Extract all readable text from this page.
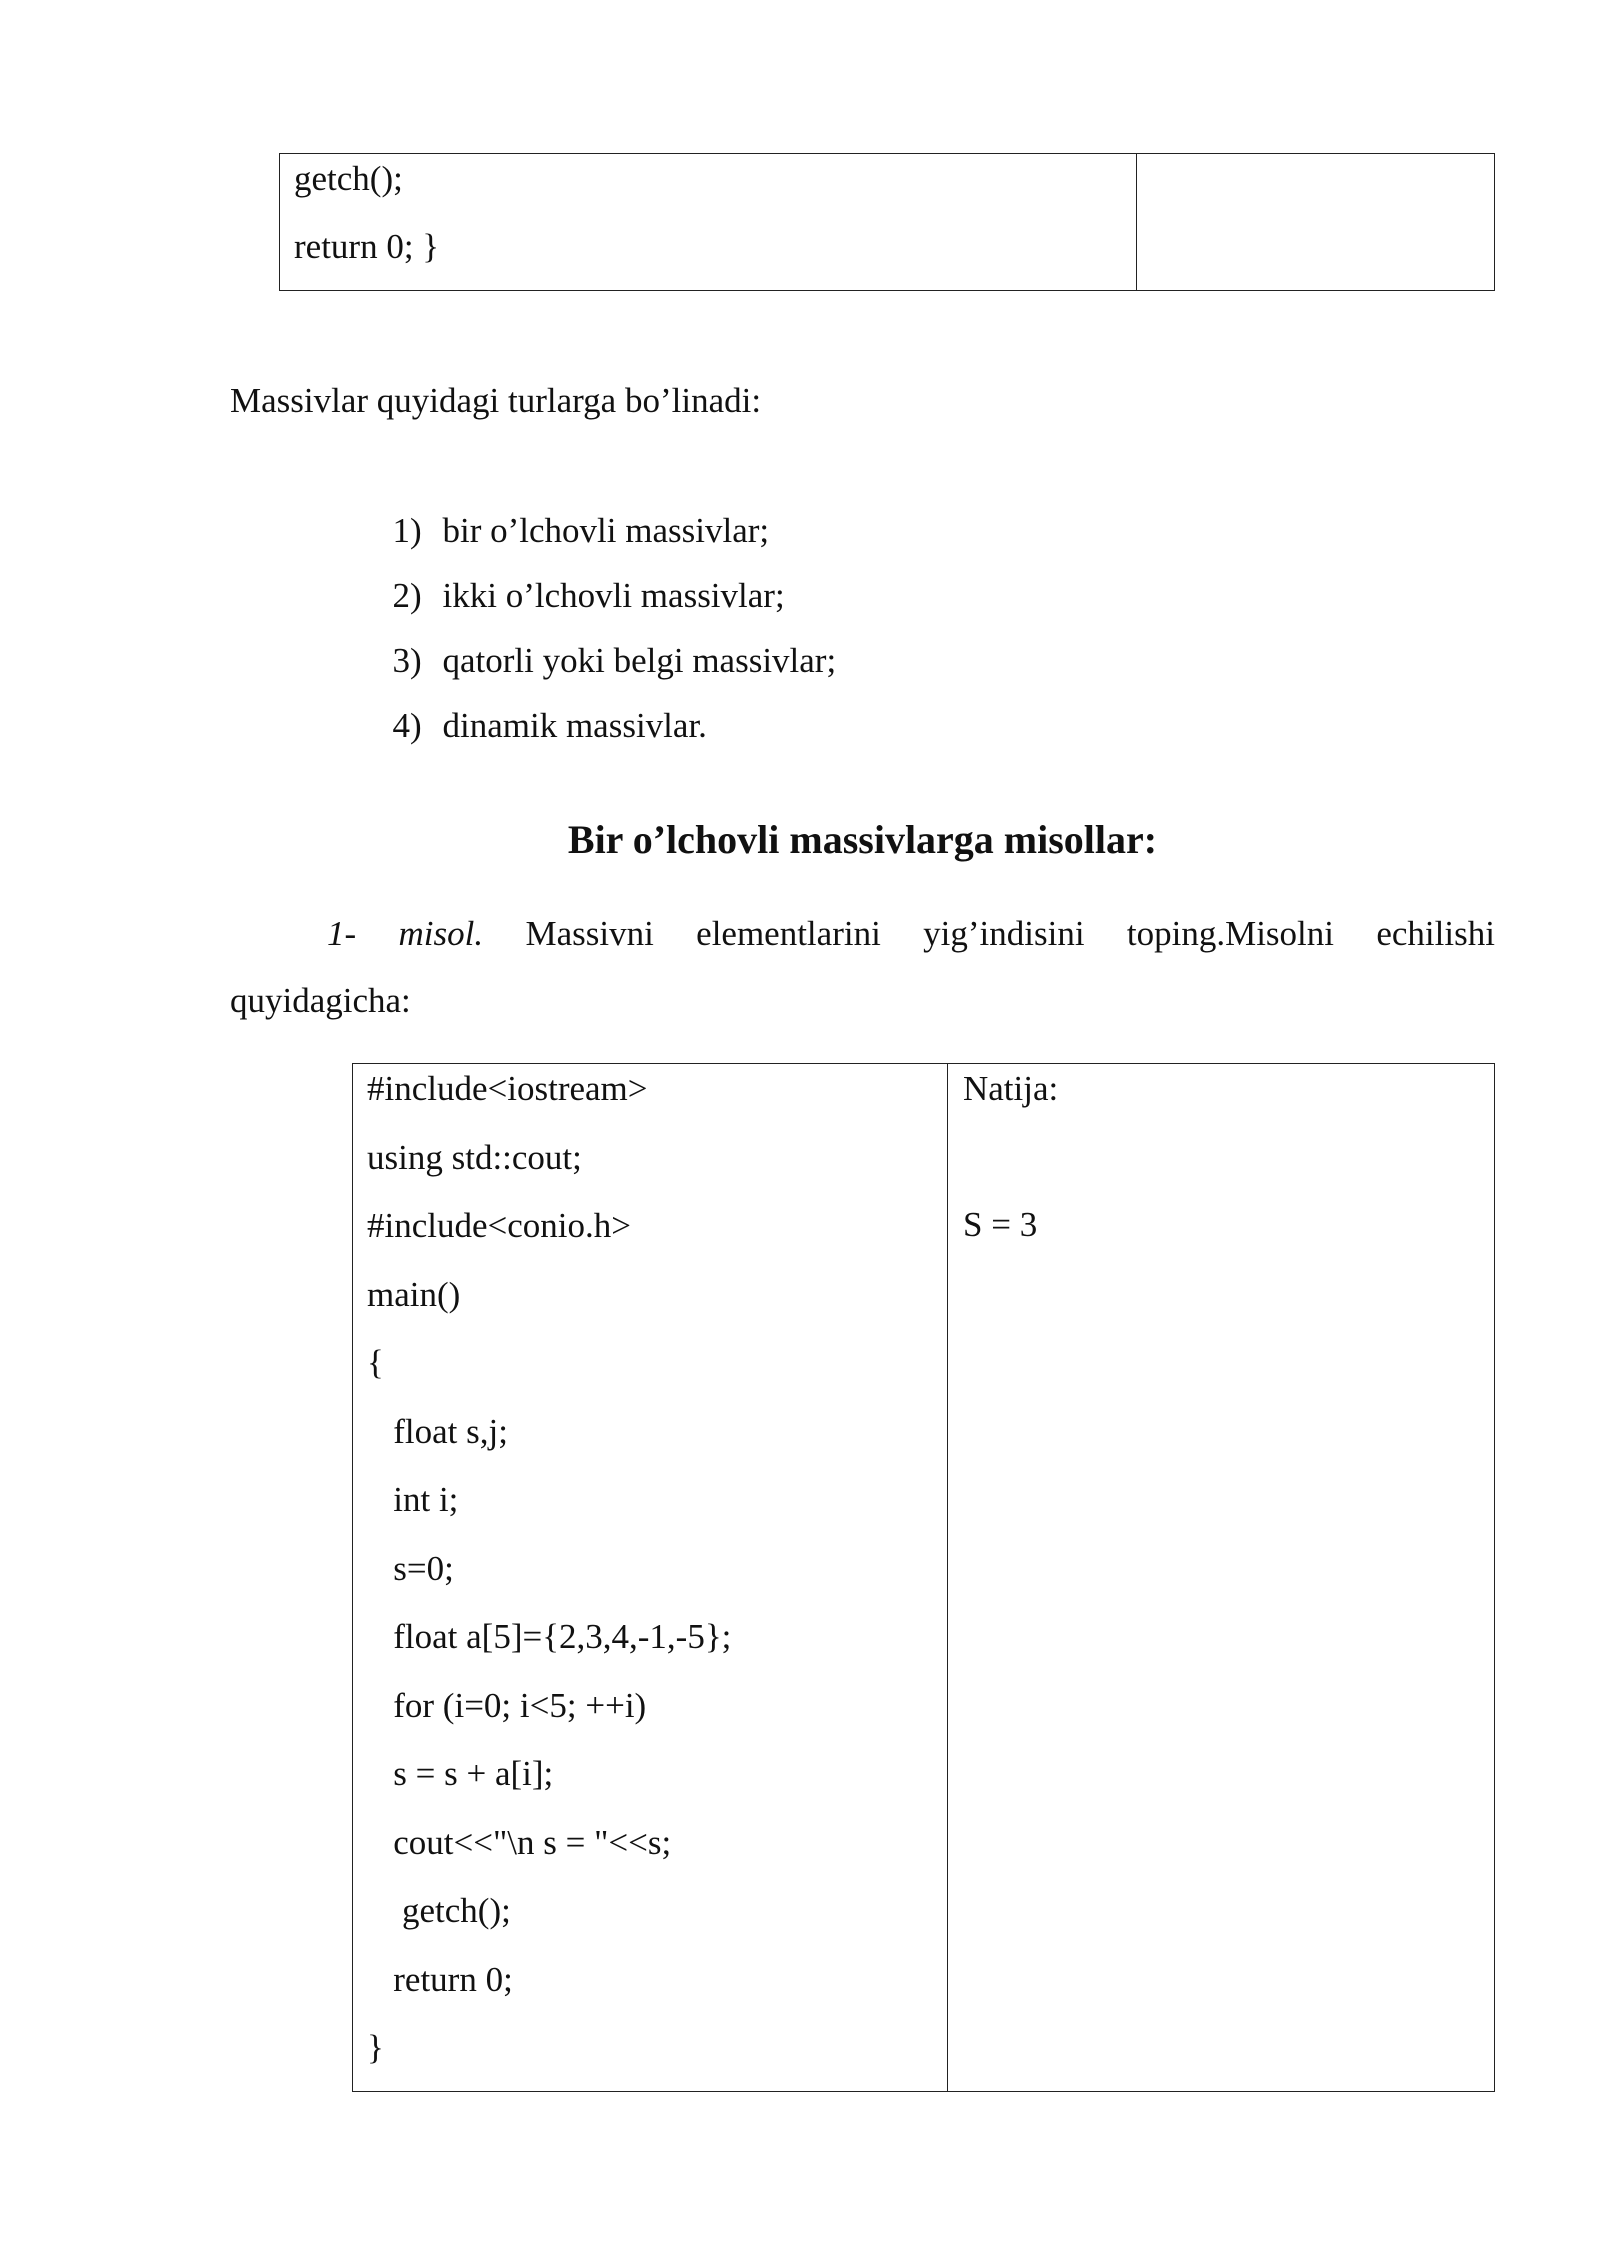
getch();
return 0; }
Massivlar quyidagi turlarga bo’linadi:

1) bir o’lchovli massivlar;

2) ikki o’lchovli massivlar;

3) qatorli yoki belgi massivlar;

4) dinamik massivlar.

Bir o’lchovli massivlarga misollar:
1- misol. Massivni elementlarini yig’indisini toping.Misolni echilishi
quyidagicha:
#include<iostream>
using std::cout;
#include<conio.h>
main()
{
float s,j;
int i;
s=0;
float a[5]={2,3,4,-1,-5};
for (i=0; i<5; ++i)
s = s + a[i];
cout<<"\n s = "<<s;
getch();
return 0;
}
Natija:
S = 3
